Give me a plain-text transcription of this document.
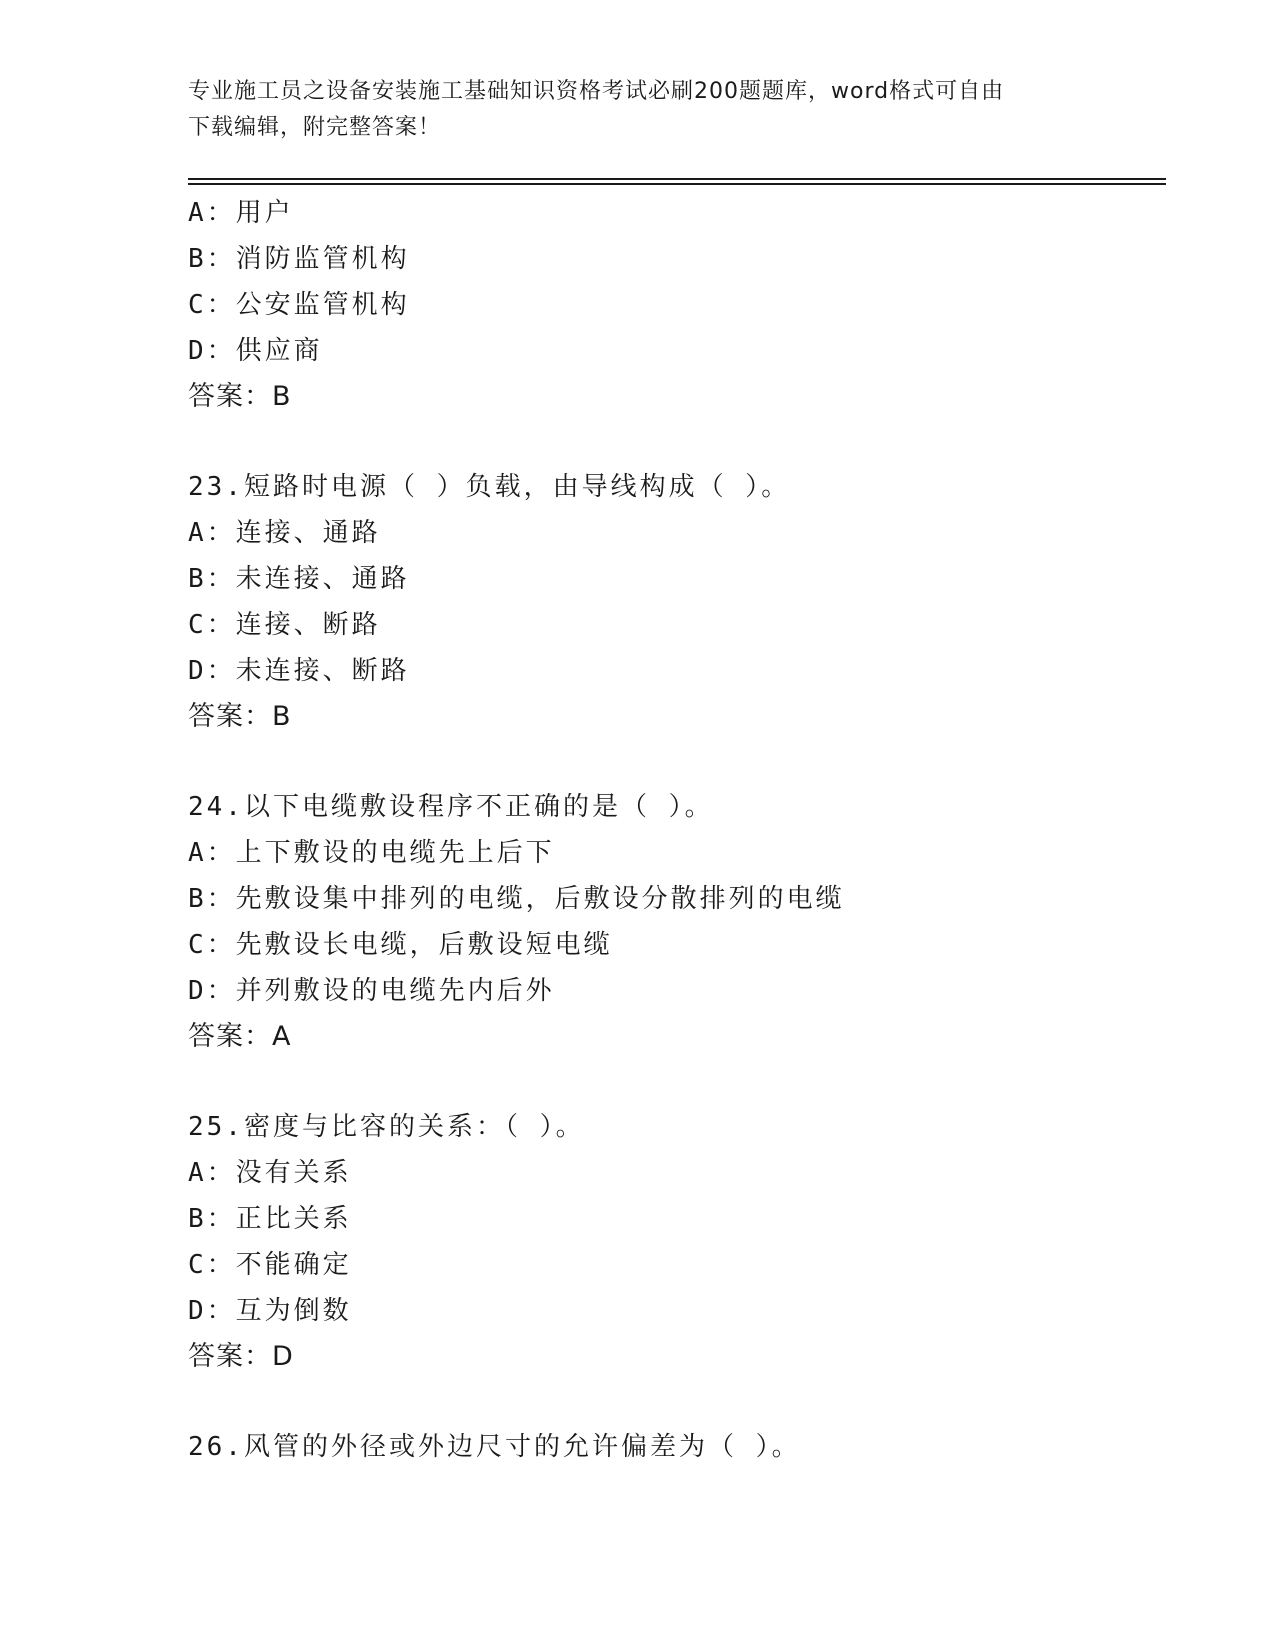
专业施工员之设备安装施工基础知识资格考试必刷200题题库，word格式可自由
下载编辑，附完整答案！
A：用户
B：消防监管机构
C：公安监管机构
D：供应商
答案：B
23.短路时电源（ ）负载，由导线构成（ ）。
A：连接、通路
B：未连接、通路
C：连接、断路
D：未连接、断路
答案：B
24.以下电缆敷设程序不正确的是（ ）。
A：上下敷设的电缆先上后下
B：先敷设集中排列的电缆，后敷设分散排列的电缆
C：先敷设长电缆，后敷设短电缆
D：并列敷设的电缆先内后外
答案：A
25.密度与比容的关系：（ ）。
A：没有关系
B：正比关系
C：不能确定
D：互为倒数
答案：D
26.风管的外径或外边尺寸的允许偏差为（ ）。
